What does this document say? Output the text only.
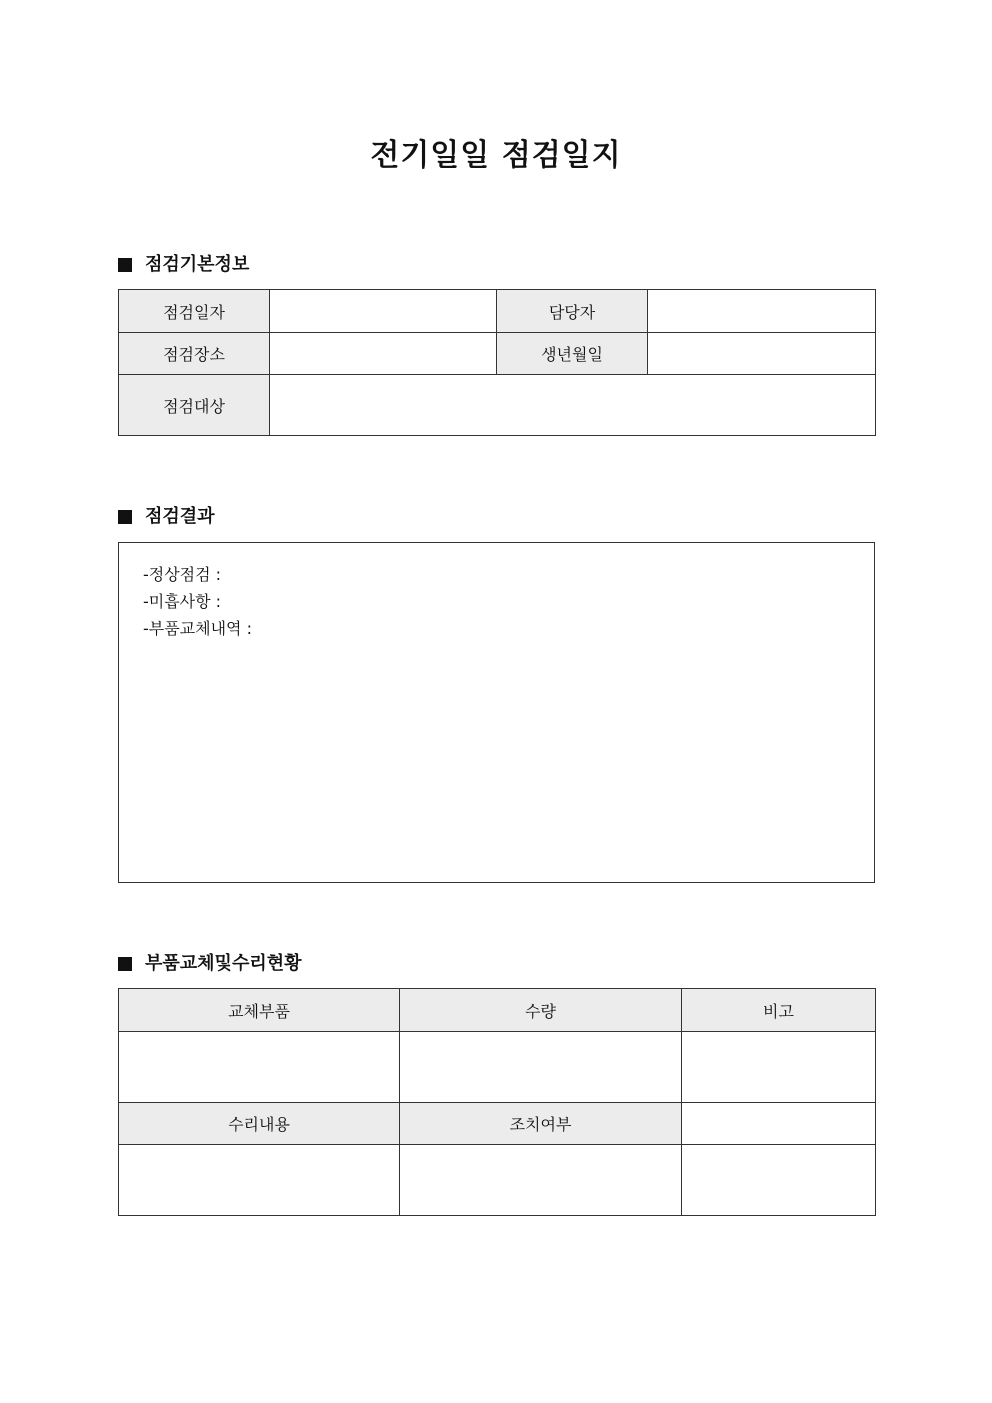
전기일일 점검일지
점검기본정보
점검일자		담당자	
점검장소		생년월일	
점검대상			
점검결과
-정상점검 :
-미흡사항 :
-부품교체내역 :
부품교체및수리현황
교체부품	수량	비고

수리내용	조치여부	
